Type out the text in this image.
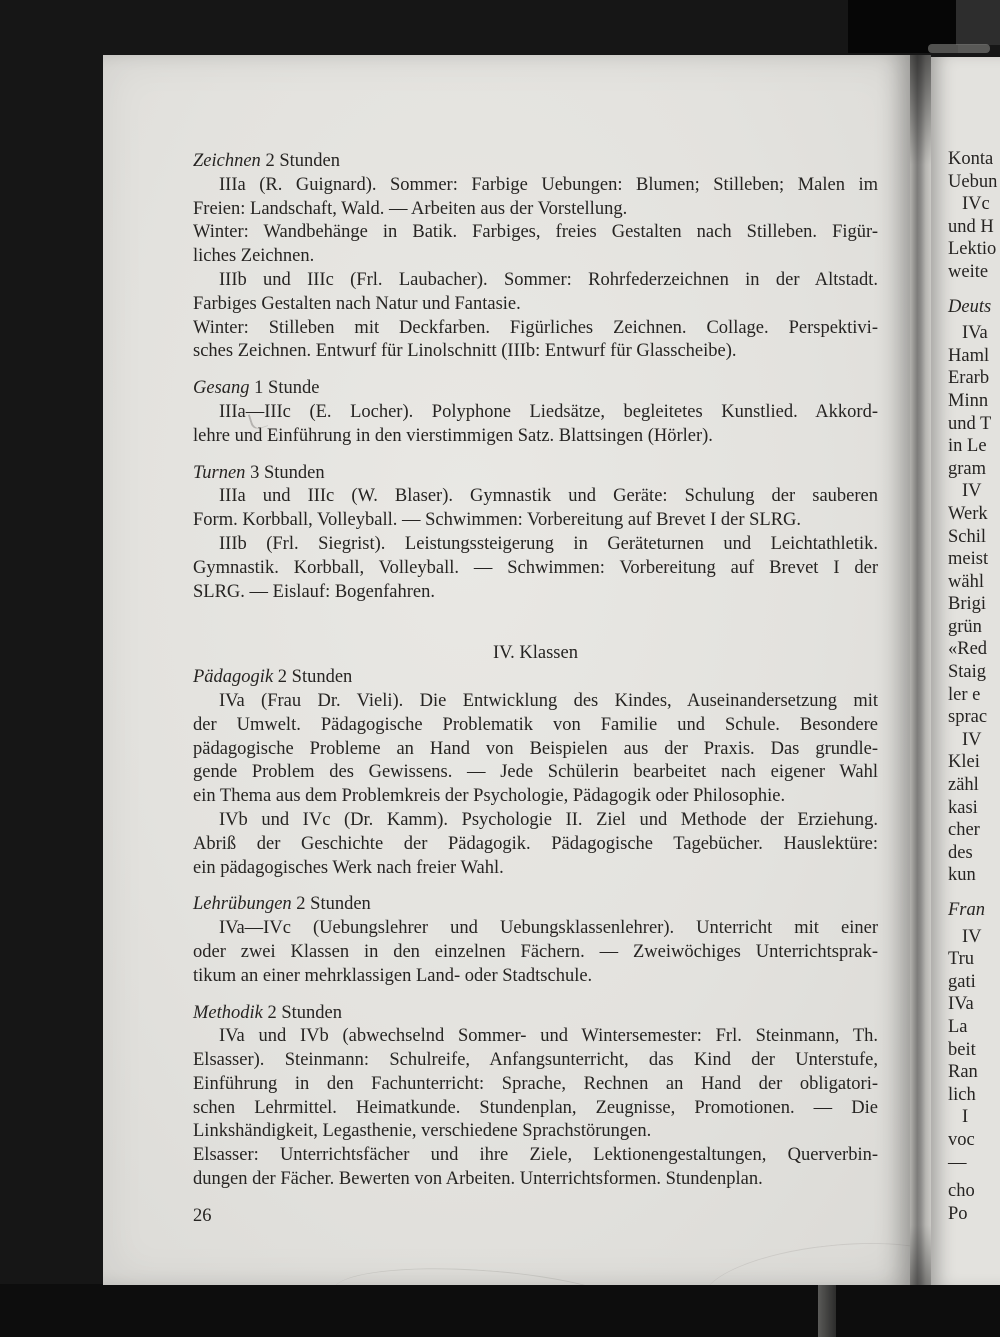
Zeichnen 2 Stunden
IIIa (R. Guignard). Sommer: Farbige Uebungen: Blumen; Stilleben; Malen im
Freien: Landschaft, Wald. — Arbeiten aus der Vorstellung.
Winter: Wandbehänge in Batik. Farbiges, freies Gestalten nach Stilleben. Figür-
liches Zeichnen.
IIIb und IIIc (Frl. Laubacher). Sommer: Rohrfederzeichnen in der Altstadt.
Farbiges Gestalten nach Natur und Fantasie.
Winter: Stilleben mit Deckfarben. Figürliches Zeichnen. Collage. Perspektivi-
sches Zeichnen. Entwurf für Linolschnitt (IIIb: Entwurf für Glasscheibe).
Gesang 1 Stunde
IIIa—IIIc (E. Locher). Polyphone Liedsätze, begleitetes Kunstlied. Akkord-
lehre und Einführung in den vierstimmigen Satz. Blattsingen (Hörler).
Turnen 3 Stunden
IIIa und IIIc (W. Blaser). Gymnastik und Geräte: Schulung der sauberen
Form. Korbball, Volleyball. — Schwimmen: Vorbereitung auf Brevet I der SLRG.
IIIb (Frl. Siegrist). Leistungssteigerung in Geräteturnen und Leichtathletik.
Gymnastik. Korbball, Volleyball. — Schwimmen: Vorbereitung auf Brevet I der
SLRG. — Eislauf: Bogenfahren.
IV. Klassen
Pädagogik 2 Stunden
IVa (Frau Dr. Vieli). Die Entwicklung des Kindes, Auseinandersetzung mit
der Umwelt. Pädagogische Problematik von Familie und Schule. Besondere
pädagogische Probleme an Hand von Beispielen aus der Praxis. Das grundle-
gende Problem des Gewissens. — Jede Schülerin bearbeitet nach eigener Wahl
ein Thema aus dem Problemkreis der Psychologie, Pädagogik oder Philosophie.
IVb und IVc (Dr. Kamm). Psychologie II. Ziel und Methode der Erziehung.
Abriß der Geschichte der Pädagogik. Pädagogische Tagebücher. Hauslektüre:
ein pädagogisches Werk nach freier Wahl.
Lehrübungen 2 Stunden
IVa—IVc (Uebungslehrer und Uebungsklassenlehrer). Unterricht mit einer
oder zwei Klassen in den einzelnen Fächern. — Zweiwöchiges Unterrichtsprak-
tikum an einer mehrklassigen Land- oder Stadtschule.
Methodik 2 Stunden
IVa und IVb (abwechselnd Sommer- und Wintersemester: Frl. Steinmann, Th.
Elsasser). Steinmann: Schulreife, Anfangsunterricht, das Kind der Unterstufe,
Einführung in den Fachunterricht: Sprache, Rechnen an Hand der obligatori-
schen Lehrmittel. Heimatkunde. Stundenplan, Zeugnisse, Promotionen. — Die
Linkshändigkeit, Legasthenie, verschiedene Sprachstörungen.
Elsasser: Unterrichtsfächer und ihre Ziele, Lektionengestaltungen, Querverbin-
dungen der Fächer. Bewerten von Arbeiten. Unterrichtsformen. Stundenplan.
26
Konta
Uebun
IVc
und H
Lektio
weite
Deuts
IVa
Haml
Erarb
Minn
und T
in Le
gram
IV
Werk
Schil
meist
wähl
Brigi
grün
«Red
Staig
ler e
sprac
IV
Klei
zähl
kasi
cher
des
kun
Fran
IV
Tru
gati
IVa
La
beit
Ran
lich
I
voc
—
cho
Po
